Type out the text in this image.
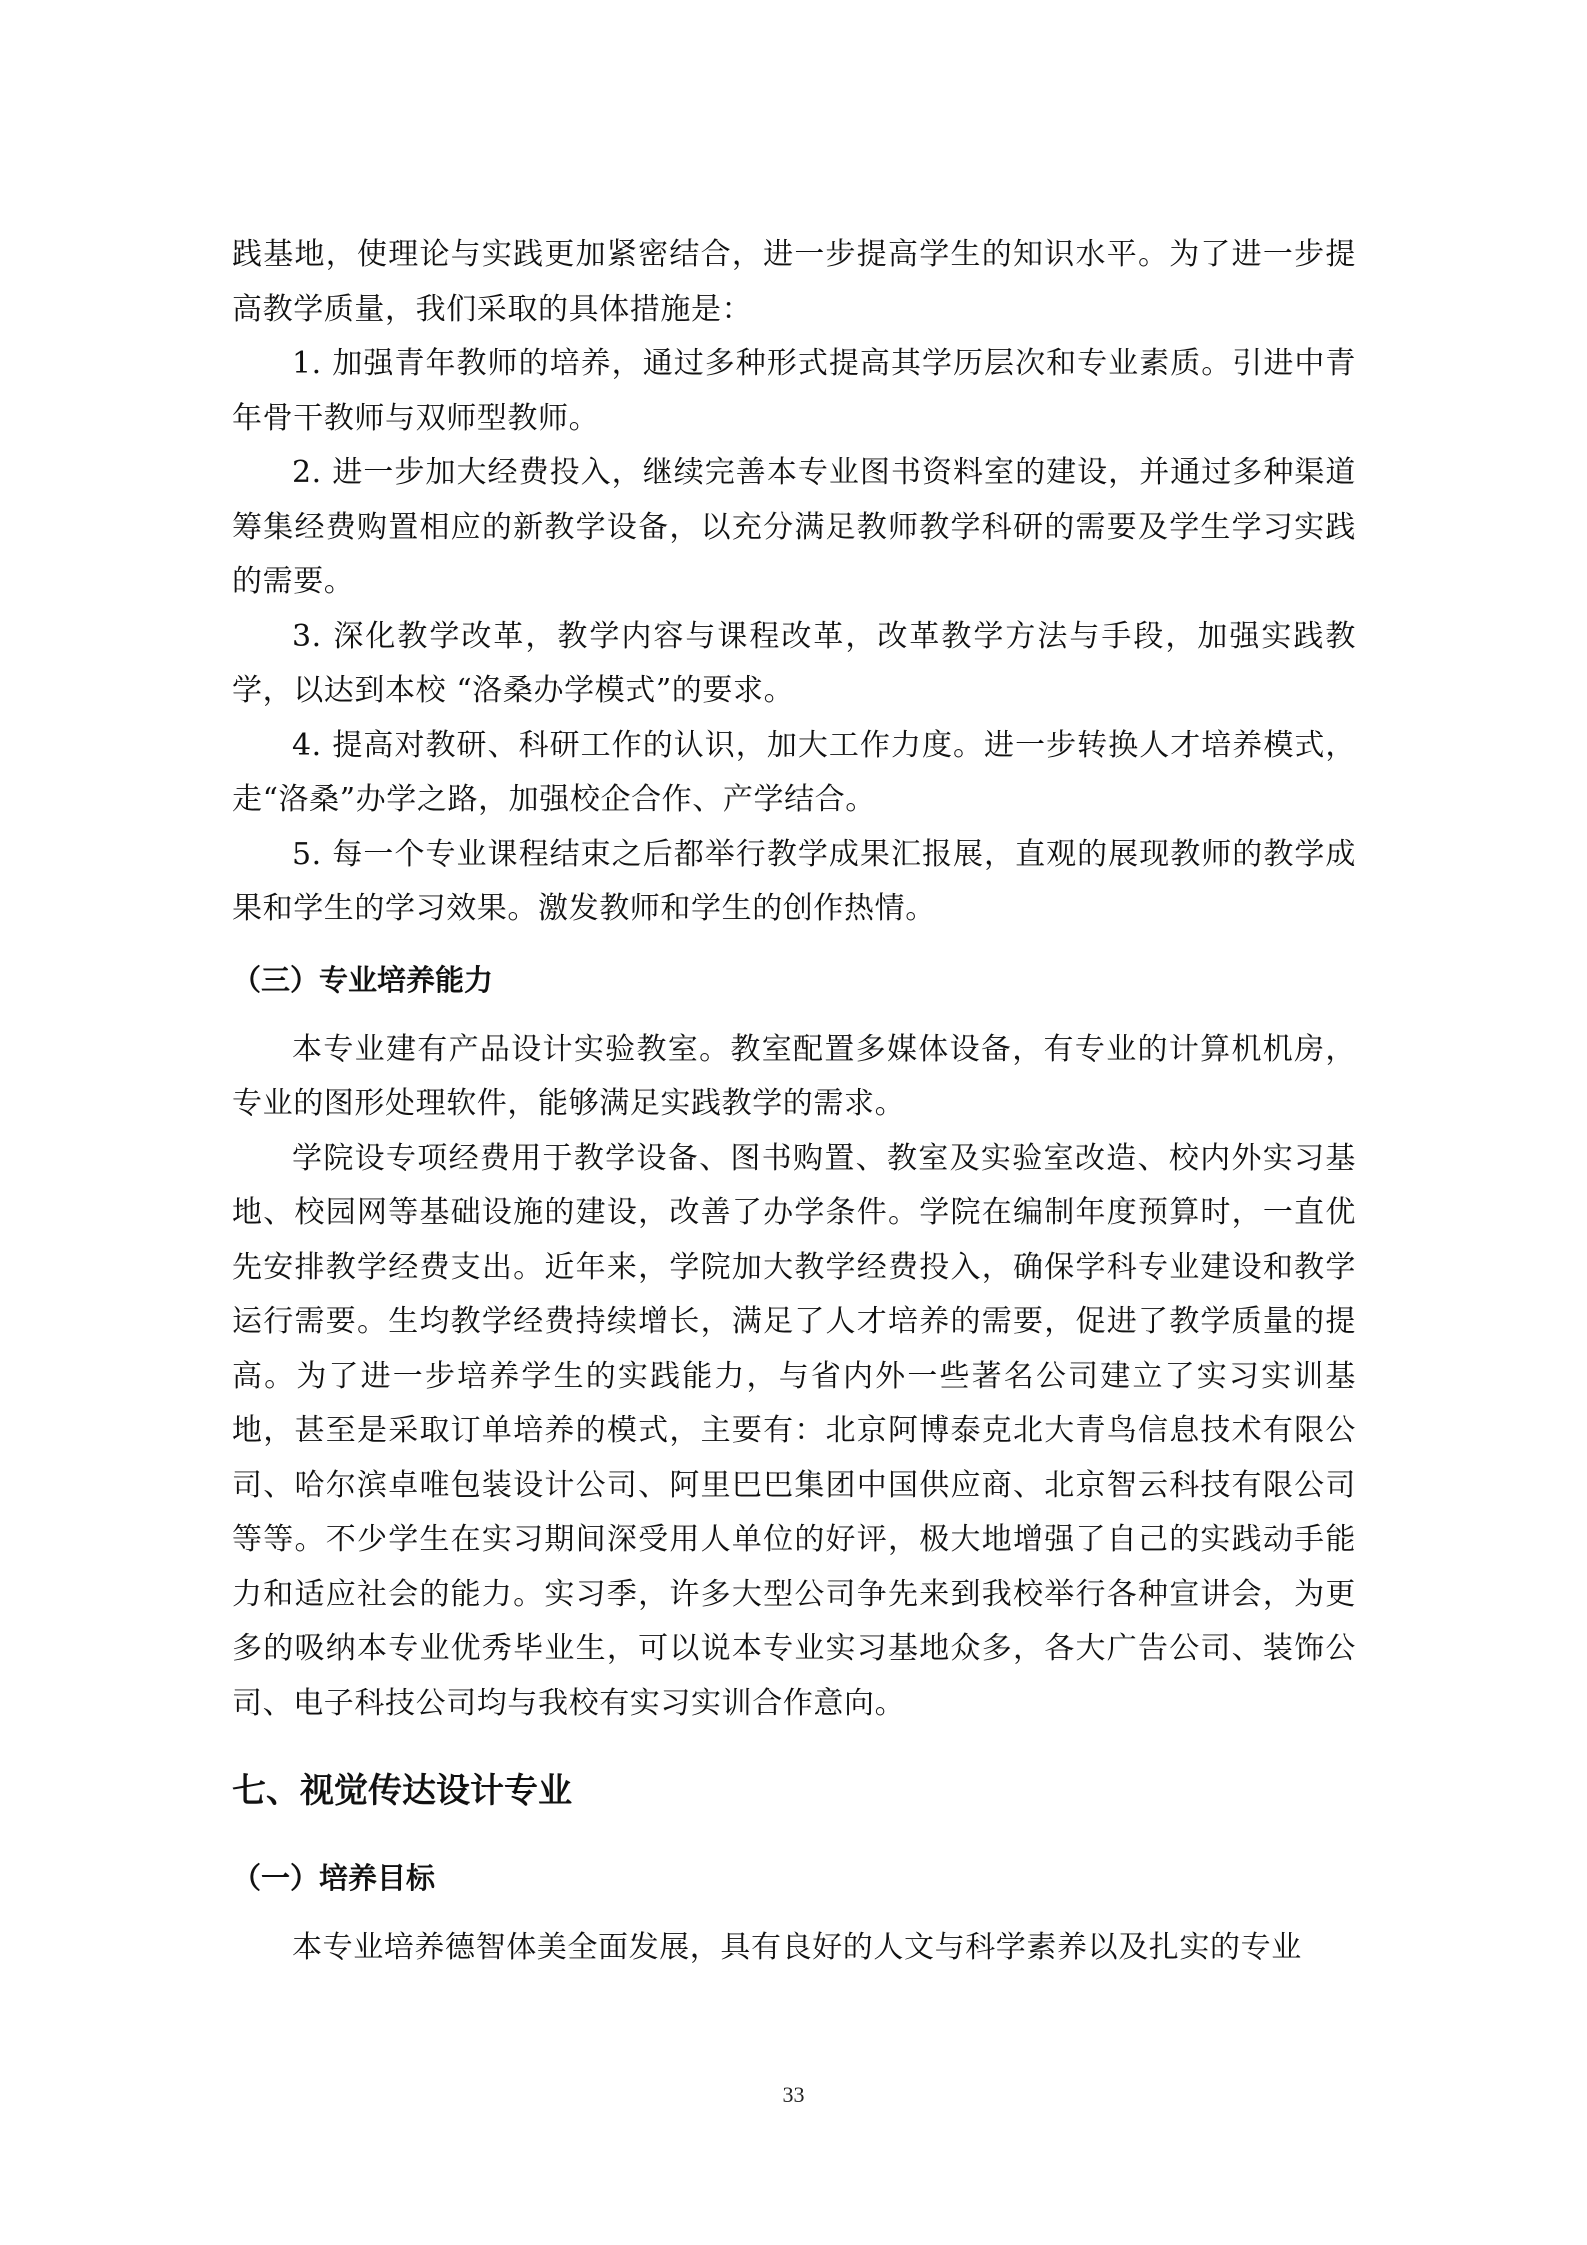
践基地，使理论与实践更加紧密结合，进一步提高学生的知识水平。为了进一步提高教学质量，我们采取的具体措施是：

1. 加强青年教师的培养，通过多种形式提高其学历层次和专业素质。引进中青年骨干教师与双师型教师。

2. 进一步加大经费投入，继续完善本专业图书资料室的建设，并通过多种渠道筹集经费购置相应的新教学设备，以充分满足教师教学科研的需要及学生学习实践的需要。

3. 深化教学改革，教学内容与课程改革，改革教学方法与手段，加强实践教学，以达到本校 “洛桑办学模式”的要求。

4. 提高对教研、科研工作的认识，加大工作力度。进一步转换人才培养模式，走“洛桑”办学之路，加强校企合作、产学结合。

5. 每一个专业课程结束之后都举行教学成果汇报展，直观的展现教师的教学成果和学生的学习效果。激发教师和学生的创作热情。

（三）专业培养能力

本专业建有产品设计实验教室。教室配置多媒体设备，有专业的计算机机房，专业的图形处理软件，能够满足实践教学的需求。

学院设专项经费用于教学设备、图书购置、教室及实验室改造、校内外实习基地、校园网等基础设施的建设，改善了办学条件。学院在编制年度预算时，一直优先安排教学经费支出。近年来，学院加大教学经费投入，确保学科专业建设和教学运行需要。生均教学经费持续增长，满足了人才培养的需要，促进了教学质量的提高。为了进一步培养学生的实践能力，与省内外一些著名公司建立了实习实训基地，甚至是采取订单培养的模式，主要有：北京阿博泰克北大青鸟信息技术有限公司、哈尔滨卓唯包装设计公司、阿里巴巴集团中国供应商、北京智云科技有限公司等等。不少学生在实习期间深受用人单位的好评，极大地增强了自己的实践动手能力和适应社会的能力。实习季，许多大型公司争先来到我校举行各种宣讲会，为更多的吸纳本专业优秀毕业生，可以说本专业实习基地众多，各大广告公司、装饰公司、电子科技公司均与我校有实习实训合作意向。

七、视觉传达设计专业
（一）培养目标

本专业培养德智体美全面发展，具有良好的人文与科学素养以及扎实的专业

33
